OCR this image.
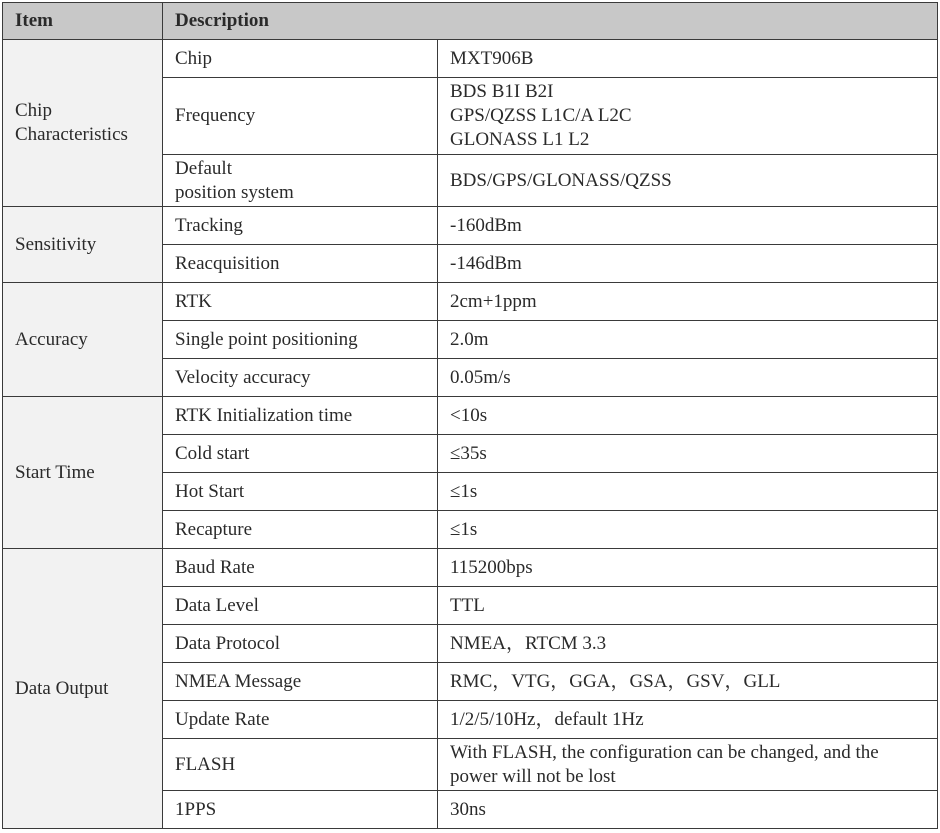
Item	Description	
Chip
Characteristics	Chip	MXT906B
	Frequency	BDS B1I B2I
GPS/QZSS L1C/A L2C
GLONASS L1 L2
	Default
position system	BDS/GPS/GLONASS/QZSS
Sensitivity	Tracking	-160dBm
	Reacquisition	-146dBm
Accuracy	RTK	2cm+1ppm
	Single point positioning	2.0m
	Velocity accuracy	0.05m/s
Start Time	RTK Initialization time	<10s
	Cold start	≤35s
	Hot Start	≤1s
	Recapture	≤1s
Data Output	Baud Rate	115200bps
	Data Level	TTL
	Data Protocol	NMEA，RTCM 3.3
	NMEA Message	RMC，VTG，GGA，GSA，GSV，GLL
	Update Rate	1/2/5/10Hz，default 1Hz
	FLASH	With FLASH, the configuration can be changed, and the power will not be lost
	1PPS	30ns
